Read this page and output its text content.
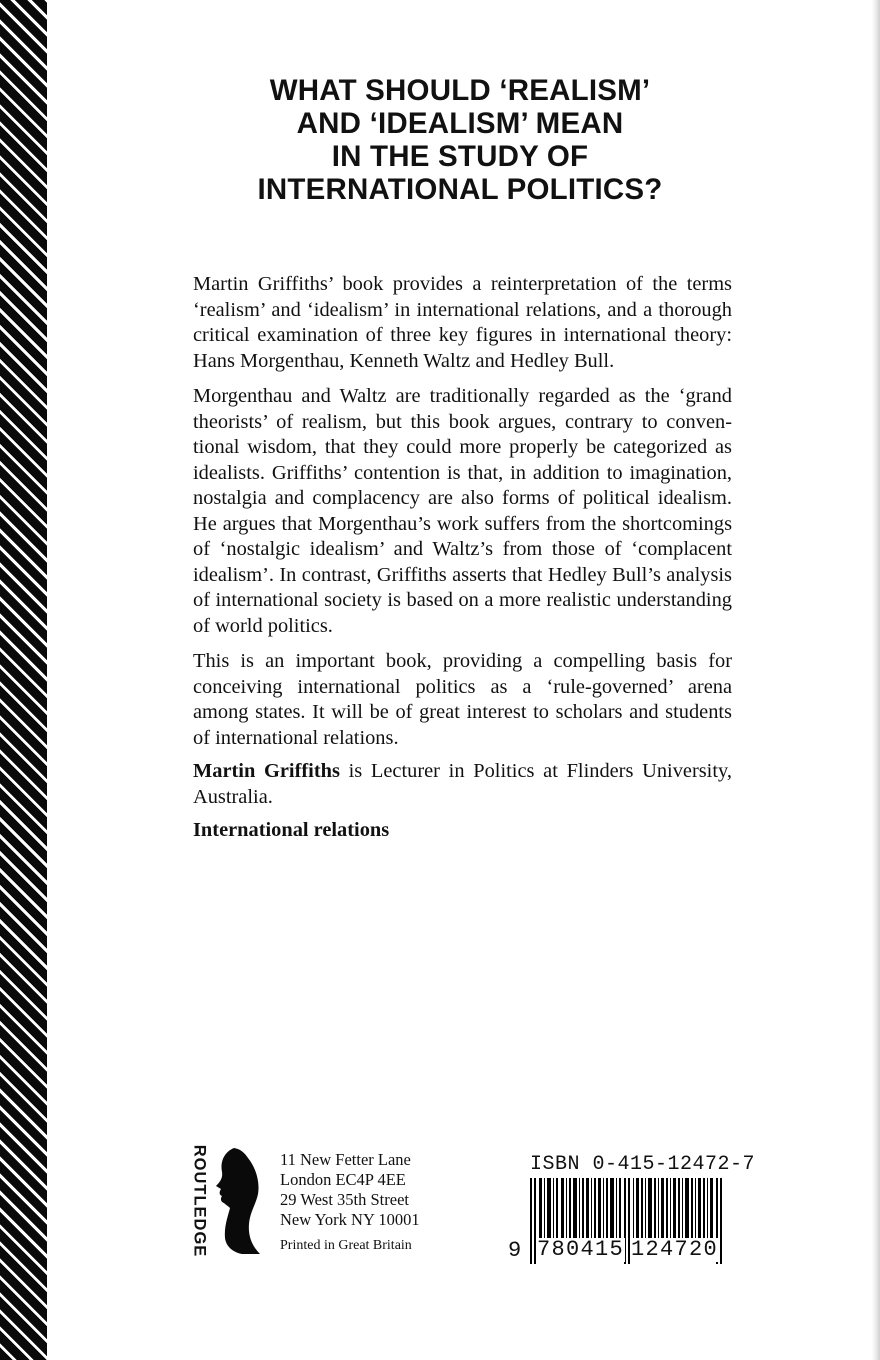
WHAT SHOULD ‘REALISM’
AND ‘IDEALISM’ MEAN
IN THE STUDY OF
INTERNATIONAL POLITICS?

Martin Griffiths’ book provides a reinterpretation of the terms ‘realism’ and ‘idealism’ in international relations, and a thorough critical examination of three key figures in international theory: Hans Morgenthau, Kenneth Waltz and Hedley Bull.

Morgenthau and Waltz are traditionally regarded as the ‘grand theorists’ of realism, but this book argues, contrary to conventional wisdom, that they could more properly be categorized as idealists. Griffiths’ contention is that, in addition to imagination, nostalgia and complacency are also forms of political idealism. He argues that Morgenthau’s work suffers from the shortcomings of ‘nostalgic idealism’ and Waltz’s from those of ‘complacent idealism’. In contrast, Griffiths asserts that Hedley Bull’s analysis of international society is based on a more realistic understanding of world politics.

This is an important book, providing a compelling basis for conceiving international politics as a ‘rule-governed’ arena among states. It will be of great interest to scholars and students of international relations.

Martin Griffiths is Lecturer in Politics at Flinders University, Australia.

International relations

ROUTLEDGE	11 New Fetter Lane
London EC4P 4EE
29 West 35th Street
New York NY 10001
Printed in Great Britain
ISBN 0-415-12472-7
9 780415 124720
